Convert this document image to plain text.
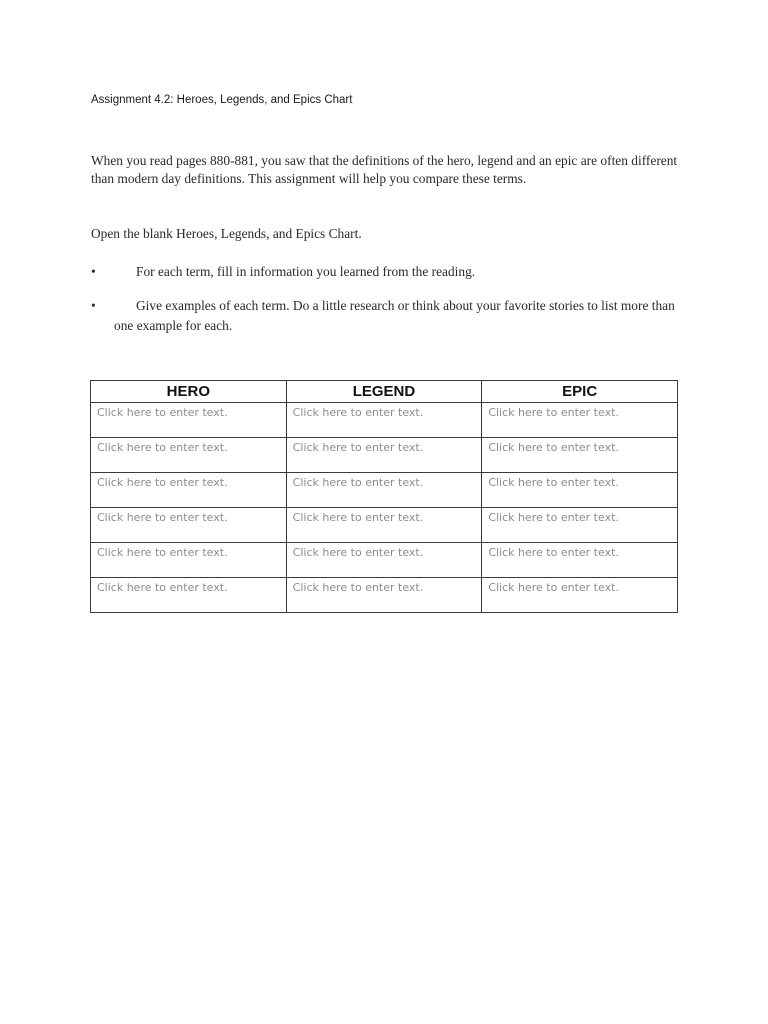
Assignment 4.2: Heroes, Legends, and Epics Chart
When you read pages 880-881, you saw that the definitions of the hero, legend and an epic are often different than modern day definitions. This assignment will help you compare these terms.
Open the blank Heroes, Legends, and Epics Chart.
•	For each term, fill in information you learned from the reading.
•	Give examples of each term. Do a little research or think about your favorite stories to list more than one example for each.
HERO	LEGEND	EPIC

Click here to enter text.	Click here to enter text.	Click here to enter text.

Click here to enter text.	Click here to enter text.	Click here to enter text.

Click here to enter text.	Click here to enter text.	Click here to enter text.

Click here to enter text.	Click here to enter text.	Click here to enter text.

Click here to enter text.	Click here to enter text.	Click here to enter text.

Click here to enter text.	Click here to enter text.	Click here to enter text.
